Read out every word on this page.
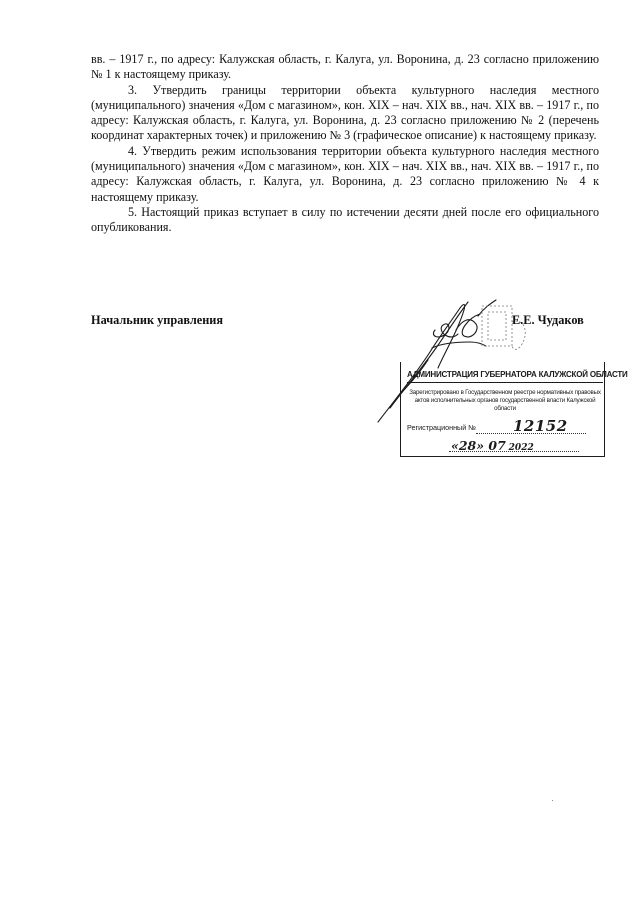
вв. – 1917 г., по адресу: Калужская область, г. Калуга, ул. Воронина, д. 23 согласно приложению № 1 к настоящему приказу.

3. Утвердить границы территории объекта культурного наследия местного (муниципального) значения «Дом с магазином», кон. XIX – нач. XIX вв., нач. XIX вв. – 1917 г., по адресу: Калужская область, г. Калуга, ул. Воронина, д. 23 согласно приложению № 2 (перечень координат характерных точек) и приложению № 3 (графическое описание) к настоящему приказу.

4. Утвердить режим использования территории объекта культурного наследия местного (муниципального) значения «Дом с магазином», кон. XIX – нач. XIX вв., нач. XIX вв. – 1917 г., по адресу: Калужская область, г. Калуга, ул. Воронина, д. 23 согласно приложению № 4 к настоящему приказу.

5. Настоящий приказ вступает в силу по истечении десяти дней после его официального опубликования.

Начальник управления	Е.Е. Чудаков
АДМИНИСТРАЦИЯ ГУБЕРНАТОРА КАЛУЖСКОЙ ОБЛАСТИ
Зарегистрировано в Государственном реестре нормативных правовых актов исполнительных органов государственной власти Калужской области
Регистрационный № 12152
«28» 07 2022
